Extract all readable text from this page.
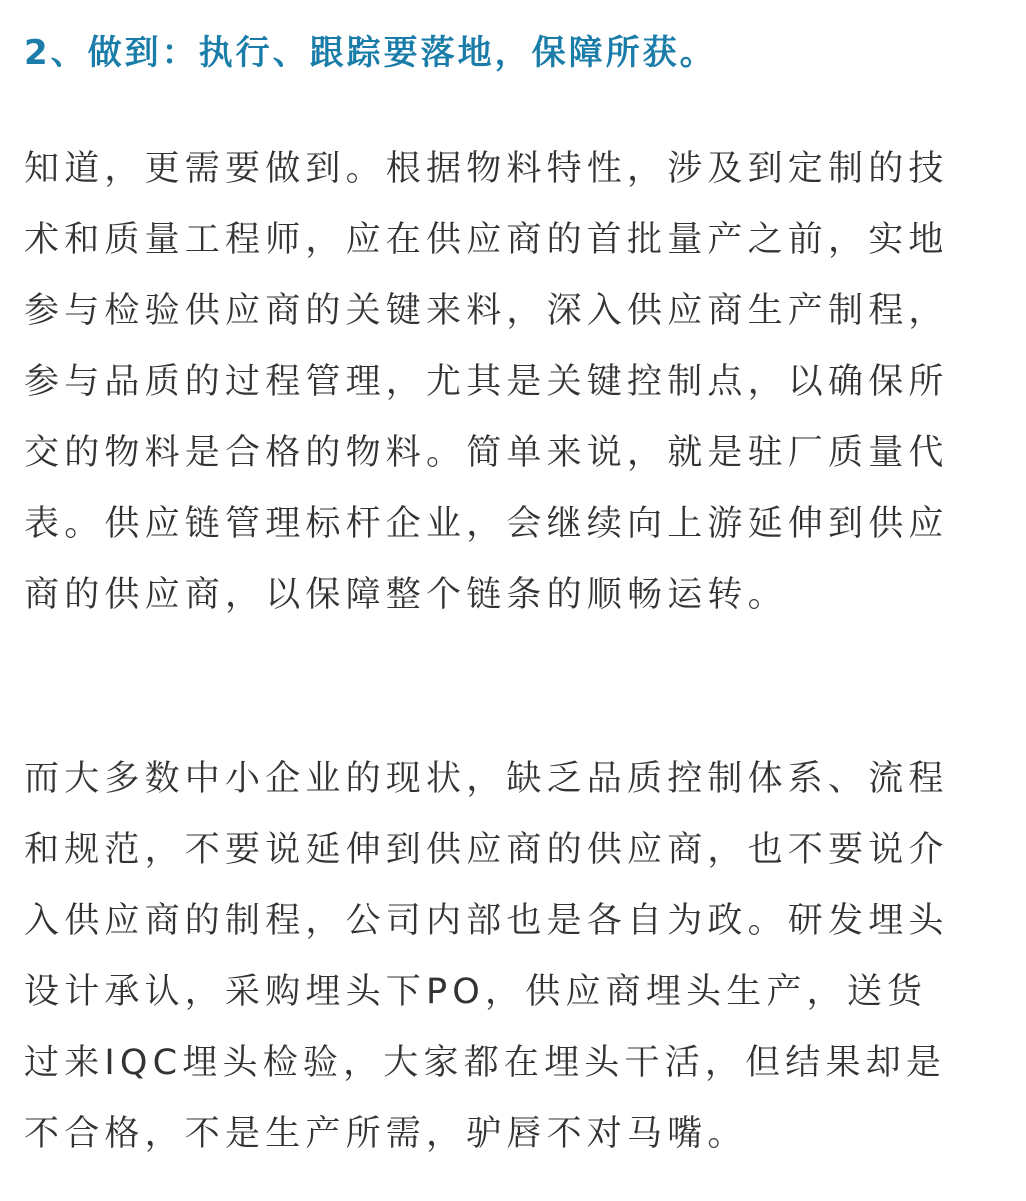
2、做到：执行、跟踪要落地，保障所获。

知道，更需要做到。根据物料特性，涉及到定制的技术和质量工程师，应在供应商的首批量产之前，实地参与检验供应商的关键来料，深入供应商生产制程，参与品质的过程管理，尤其是关键控制点，以确保所交的物料是合格的物料。简单来说，就是驻厂质量代表。供应链管理标杆企业，会继续向上游延伸到供应商的供应商，以保障整个链条的顺畅运转。

而大多数中小企业的现状，缺乏品质控制体系、流程和规范，不要说延伸到供应商的供应商，也不要说介入供应商的制程，公司内部也是各自为政。研发埋头设计承认，采购埋头下PO，供应商埋头生产，送货过来IQC埋头检验，大家都在埋头干活，但结果却是不合格，不是生产所需，驴唇不对马嘴。
